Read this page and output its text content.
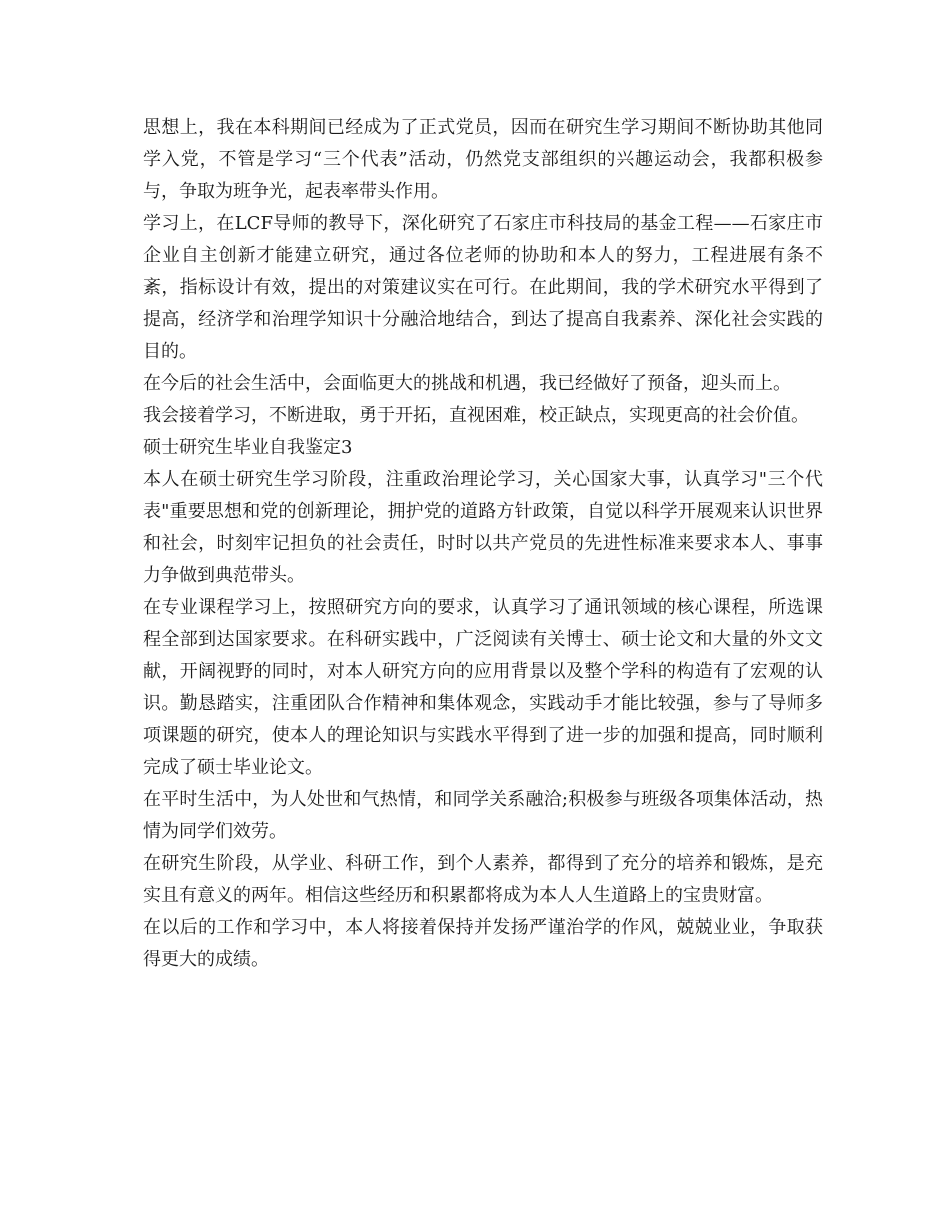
思想上，我在本科期间已经成为了正式党员，因而在研究生学习期间不断协助其他同学入党，不管是学习“三个代表”活动，仍然党支部组织的兴趣运动会，我都积极参与，争取为班争光，起表率带头作用。

学习上，在LCF导师的教导下，深化研究了石家庄市科技局的基金工程——石家庄市企业自主创新才能建立研究，通过各位老师的协助和本人的努力，工程进展有条不紊，指标设计有效，提出的对策建议实在可行。在此期间，我的学术研究水平得到了提高，经济学和治理学知识十分融洽地结合，到达了提高自我素养、深化社会实践的目的。

在今后的社会生活中，会面临更大的挑战和机遇，我已经做好了预备，迎头而上。

我会接着学习，不断进取，勇于开拓，直视困难，校正缺点，实现更高的社会价值。

硕士研究生毕业自我鉴定3

本人在硕士研究生学习阶段，注重政治理论学习，关心国家大事，认真学习"三个代表"重要思想和党的创新理论，拥护党的道路方针政策，自觉以科学开展观来认识世界和社会，时刻牢记担负的社会责任，时时以共产党员的先进性标准来要求本人、事事力争做到典范带头。

在专业课程学习上，按照研究方向的要求，认真学习了通讯领域的核心课程，所选课程全部到达国家要求。在科研实践中，广泛阅读有关博士、硕士论文和大量的外文文献，开阔视野的同时，对本人研究方向的应用背景以及整个学科的构造有了宏观的认识。勤恳踏实，注重团队合作精神和集体观念，实践动手才能比较强，参与了导师多项课题的研究，使本人的理论知识与实践水平得到了进一步的加强和提高，同时顺利完成了硕士毕业论文。

在平时生活中，为人处世和气热情，和同学关系融洽;积极参与班级各项集体活动，热情为同学们效劳。

在研究生阶段，从学业、科研工作，到个人素养，都得到了充分的培养和锻炼，是充实且有意义的两年。相信这些经历和积累都将成为本人人生道路上的宝贵财富。

在以后的工作和学习中，本人将接着保持并发扬严谨治学的作风，兢兢业业，争取获得更大的成绩。
